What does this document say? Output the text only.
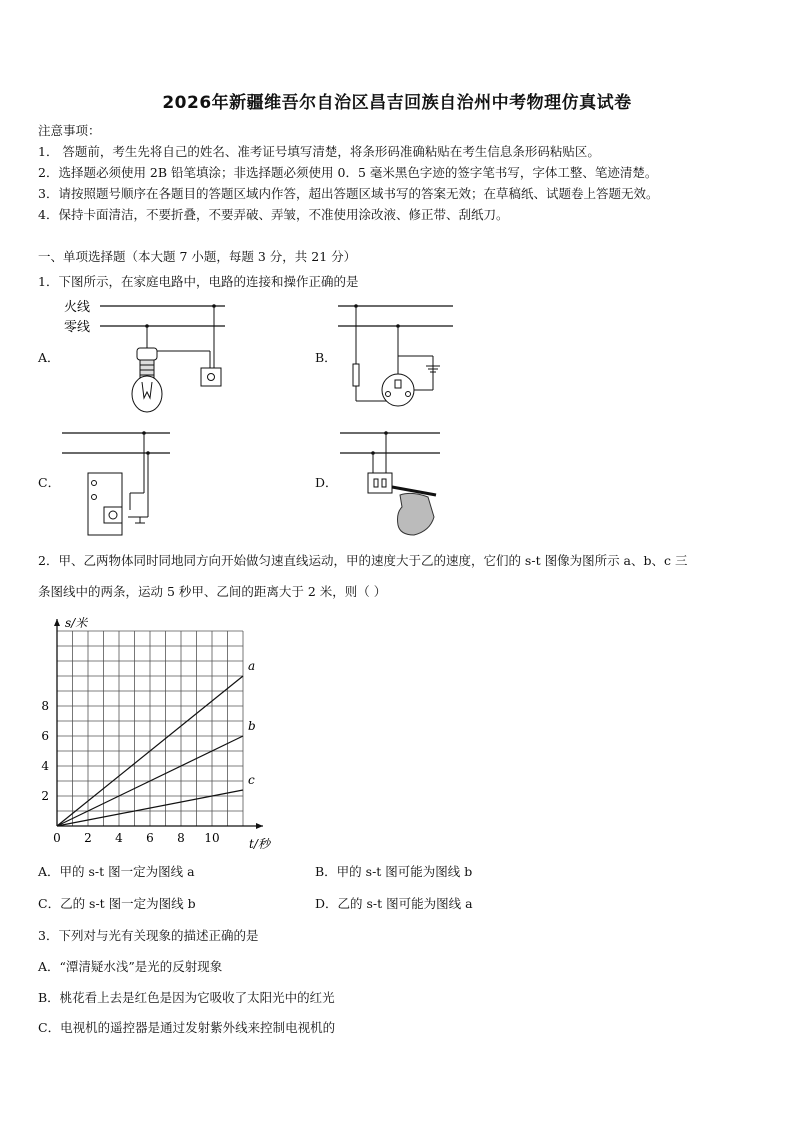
2026年新疆维吾尔自治区昌吉回族自治州中考物理仿真试卷
注意事项：
1． 答题前，考生先将自己的姓名、准考证号填写清楚，将条形码准确粘贴在考生信息条形码粘贴区。
2．选择题必须使用 2B 铅笔填涂；非选择题必须使用 0．5 毫米黑色字迹的签字笔书写，字体工整、笔迹清楚。
3．请按照题号顺序在各题目的答题区域内作答，超出答题区域书写的答案无效；在草稿纸、试题卷上答题无效。
4．保持卡面清洁，不要折叠，不要弄破、弄皱，不准使用涂改液、修正带、刮纸刀。
一、单项选择题（本大题 7 小题，每题 3 分，共 21 分）
1．下图所示，在家庭电路中，电路的连接和操作正确的是
火线
零线
A．	B．
C．	D．
2．甲、乙两物体同时同地同方向开始做匀速直线运动，甲的速度大于乙的速度，它们的 s-t 图像为图所示 a、b、c 三
条图线中的两条，运动 5 秒甲、乙间的距离大于 2 米，则（ ）
0 2 4 6 8 10
2
4
6
8
s/米
t/秒
a
b
c
A．甲的 s-t 图一定为图线 a	B．甲的 s-t 图可能为图线 b
C．乙的 s-t 图一定为图线 b	D．乙的 s-t 图可能为图线 a
3．下列对与光有关现象的描述正确的是
A．“潭清疑水浅”是光的反射现象
B．桃花看上去是红色是因为它吸收了太阳光中的红光
C．电视机的遥控器是通过发射紫外线来控制电视机的
